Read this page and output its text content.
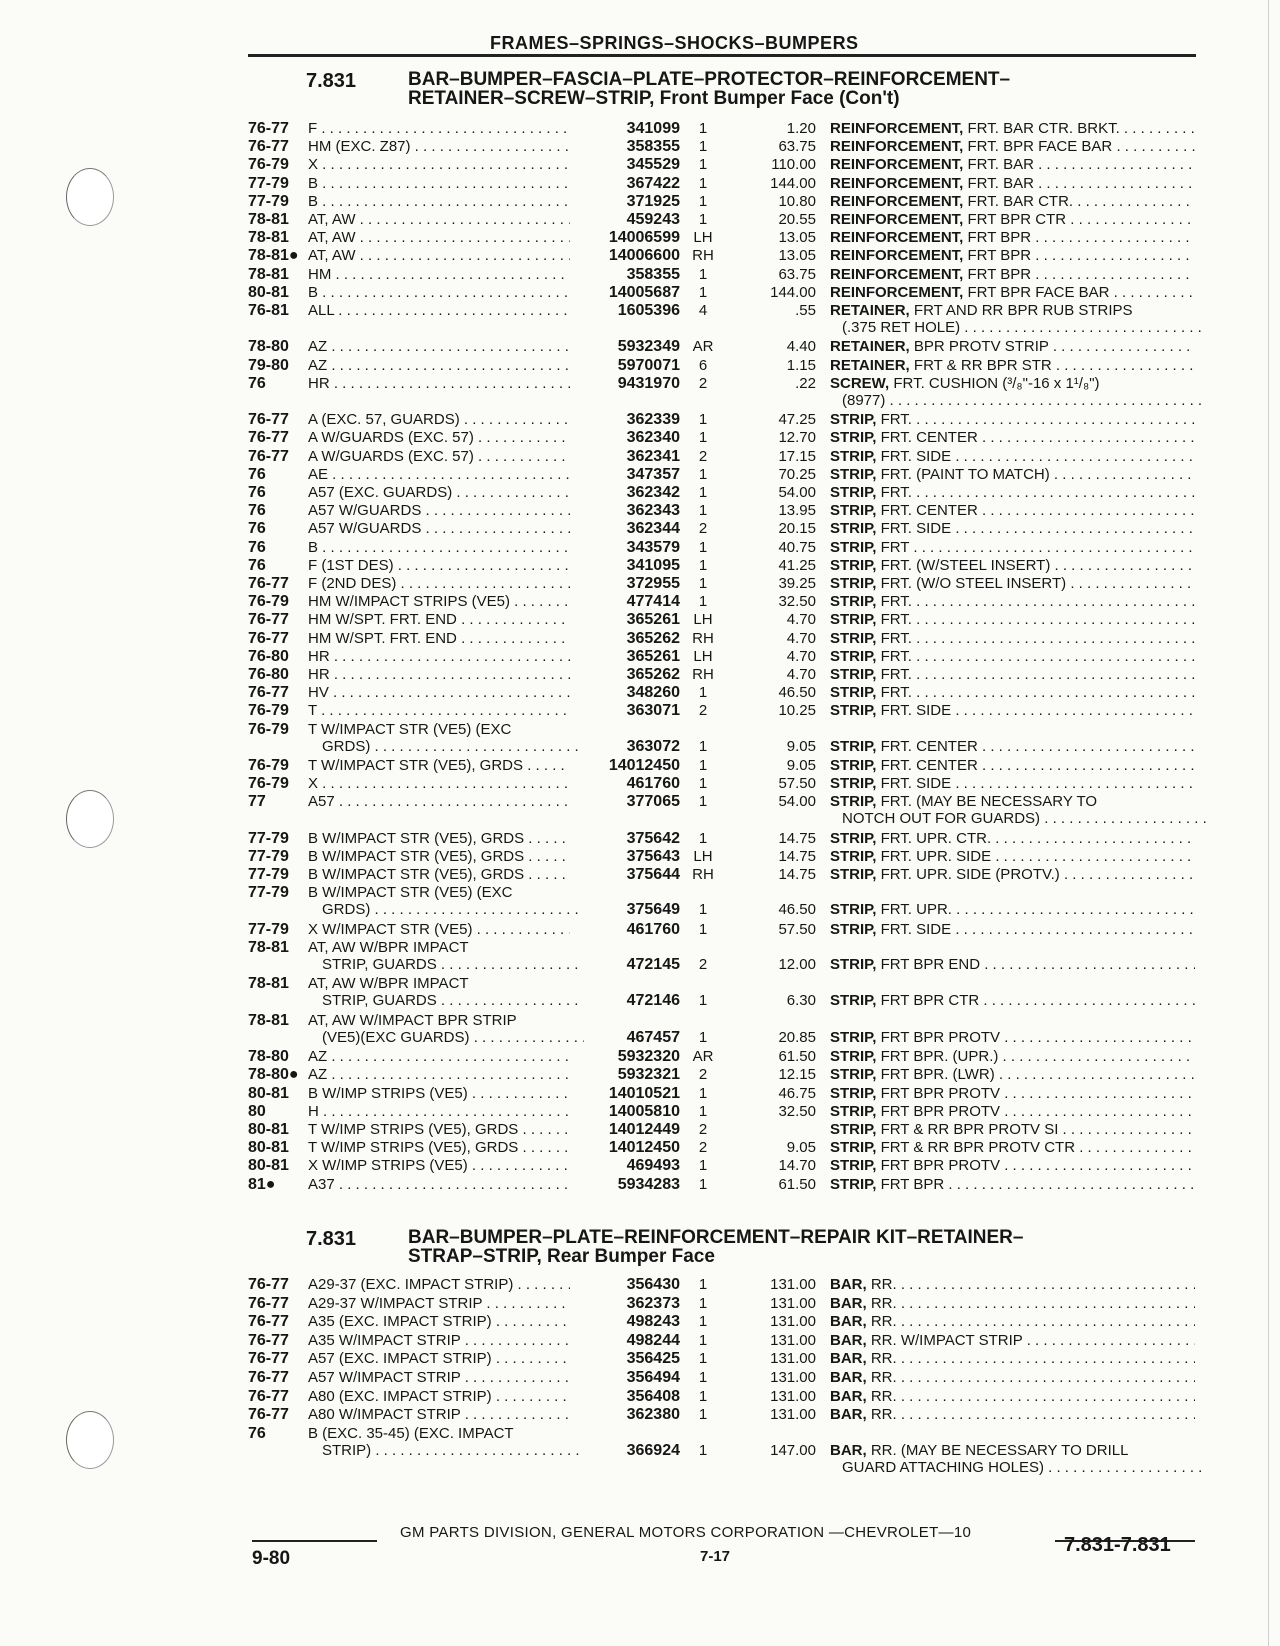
FRAMES–SPRINGS–SHOCKS–BUMPERS
7.831	BAR–BUMPER–FASCIA–PLATE–PROTECTOR–REINFORCEMENT–
RETAINER–SCREW–STRIP, Front Bumper Face (Con't)
76-77 F . . .	341099	1	1.20 REINFORCEMENT, FRT. BAR CTR. BRKT. . . .
76-77 HM (EXC. Z87) . . .	358355	1	63.75 REINFORCEMENT, FRT. BPR FACE BAR . . .
76-79 X . . .	345529	1	110.00 REINFORCEMENT, FRT. BAR . . .
77-79 B . . .	367422	1	144.00 REINFORCEMENT, FRT. BAR . . .
77-79 B . . .	371925	1	10.80 REINFORCEMENT, FRT. BAR CTR. . . .
78-81 AT, AW . . .	459243	1	20.55 REINFORCEMENT, FRT BPR CTR . . .
78-81 AT, AW . . .	14006599 LH	13.05 REINFORCEMENT, FRT BPR . . .
78-81● AT, AW . . .	14006600 RH	13.05 REINFORCEMENT, FRT BPR . . .
78-81 HM . . .	358355	1	63.75 REINFORCEMENT, FRT BPR . . .
80-81 B . . .	14005687	1	144.00 REINFORCEMENT, FRT BPR FACE BAR . . .
76-81 ALL . . .	1605396	4	.55 RETAINER, FRT AND RR BPR RUB STRIPS
(.375 RET HOLE) . . .
78-80 AZ . . .	5932349 AR	4.40 RETAINER, BPR PROTV STRIP . . .
79-80 AZ . . .	5970071	6	1.15 RETAINER, FRT & RR BPR STR . . .
76	HR . . .	9431970	2	.22 SCREW, FRT. CUSHION (³/₈"-16 x 1¹/₈")
(8977) . . .
76-77 A (EXC. 57, GUARDS) . . .	362339	1	47.25 STRIP, FRT. . . .
76-77 A W/GUARDS (EXC. 57) . . .	362340	1	12.70 STRIP, FRT. CENTER . . .
76-77 A W/GUARDS (EXC. 57) . . .	362341	2	17.15 STRIP, FRT. SIDE . . .
76	AE . . .	347357	1	70.25 STRIP, FRT. (PAINT TO MATCH) . . .
76	A57 (EXC. GUARDS) . . .	362342	1	54.00 STRIP, FRT. . . .
76	A57 W/GUARDS . . .	362343	1	13.95 STRIP, FRT. CENTER . . .
76	A57 W/GUARDS . . .	362344	2	20.15 STRIP, FRT. SIDE . . .
76	B . . .	343579	1	40.75 STRIP, FRT . . .
76	F (1ST DES) . . .	341095	1	41.25 STRIP, FRT. (W/STEEL INSERT) . . .
76-77 F (2ND DES) . . .	372955	1	39.25 STRIP, FRT. (W/O STEEL INSERT) . . .
76-79 HM W/IMPACT STRIPS (VE5) . . .	477414	1	32.50 STRIP, FRT. . . .
76-77 HM W/SPT. FRT. END . . .	365261 LH	4.70 STRIP, FRT. . . .
76-77 HM W/SPT. FRT. END . . .	365262 RH	4.70 STRIP, FRT. . . .
76-80 HR . . .	365261 LH	4.70 STRIP, FRT. . . .
76-80 HR . . .	365262 RH	4.70 STRIP, FRT. . . .
76-77 HV . . .	348260	1	46.50 STRIP, FRT. . . .
76-79 T . . .	363071	2	10.25 STRIP, FRT. SIDE . . .
76-79 T W/IMPACT STR (VE5) (EXC
GRDS) . . .	363072	1	9.05 STRIP, FRT. CENTER . . .
76-79 T W/IMPACT STR (VE5), GRDS . . .	14012450	1	9.05 STRIP, FRT. CENTER . . .
76-79 X . . .	461760	1	57.50 STRIP, FRT. SIDE . . .
77	A57 . . .	377065	1	54.00 STRIP, FRT. (MAY BE NECESSARY TO
NOTCH OUT FOR GUARDS) . . .
77-79 B W/IMPACT STR (VE5), GRDS . . .	375642	1	14.75 STRIP, FRT. UPR. CTR. . . .
77-79 B W/IMPACT STR (VE5), GRDS . . .	375643 LH	14.75 STRIP, FRT. UPR. SIDE . . .
77-79 B W/IMPACT STR (VE5), GRDS . . .	375644 RH	14.75 STRIP, FRT. UPR. SIDE (PROTV.) . . .
77-79 B W/IMPACT STR (VE5) (EXC
GRDS) . . .	375649	1	46.50 STRIP, FRT. UPR. . . .
77-79 X W/IMPACT STR (VE5) . . .	461760	1	57.50 STRIP, FRT. SIDE . . .
78-81 AT, AW W/BPR IMPACT
STRIP, GUARDS . . .	472145	2	12.00 STRIP, FRT BPR END . . .
78-81 AT, AW W/BPR IMPACT
STRIP, GUARDS . . .	472146	1	6.30 STRIP, FRT BPR CTR . . .
78-81 AT, AW W/IMPACT BPR STRIP
(VE5)(EXC GUARDS) . . .	467457	1	20.85 STRIP, FRT BPR PROTV . . .
78-80 AZ . . .	5932320 AR	61.50 STRIP, FRT BPR. (UPR.) . . .
78-80● AZ . . .	5932321	2	12.15 STRIP, FRT BPR. (LWR) . . .
80-81 B W/IMP STRIPS (VE5) . . .	14010521	1	46.75 STRIP, FRT BPR PROTV . . .
80	H . . .	14005810	1	32.50 STRIP, FRT BPR PROTV . . .
80-81 T W/IMP STRIPS (VE5), GRDS . . .	14012449	2	STRIP, FRT & RR BPR PROTV SI . . .
80-81 T W/IMP STRIPS (VE5), GRDS . . .	14012450	2	9.05 STRIP, FRT & RR BPR PROTV CTR . . .
80-81 X W/IMP STRIPS (VE5) . . .	469493	1	14.70 STRIP, FRT BPR PROTV . . .
81● A37 . . .	5934283	1	61.50 STRIP, FRT BPR . . .
7.831	BAR–BUMPER–PLATE–REINFORCEMENT–REPAIR KIT–RETAINER–
STRAP–STRIP, Rear Bumper Face
76-77 A29-37 (EXC. IMPACT STRIP) . . .	356430	1	131.00 BAR, RR. . . .
76-77 A29-37 W/IMPACT STRIP . . .	362373	1	131.00 BAR, RR. . . .
76-77 A35 (EXC. IMPACT STRIP) . . .	498243	1	131.00 BAR, RR. . . .
76-77 A35 W/IMPACT STRIP . . .	498244	1	131.00 BAR, RR. W/IMPACT STRIP . . .
76-77 A57 (EXC. IMPACT STRIP) . . .	356425	1	131.00 BAR, RR. . . .
76-77 A57 W/IMPACT STRIP . . .	356494	1	131.00 BAR, RR. . . .
76-77 A80 (EXC. IMPACT STRIP) . . .	356408	1	131.00 BAR, RR. . . .
76-77 A80 W/IMPACT STRIP . . .	362380	1	131.00 BAR, RR. . . .
76	B (EXC. 35-45) (EXC. IMPACT
STRIP) . . .	366924	1	147.00 BAR, RR. (MAY BE NECESSARY TO DRILL
GUARD ATTACHING HOLES) . . .
GM PARTS DIVISION, GENERAL MOTORS CORPORATION —CHEVROLET—10
9-80	7-17
7.831-7.831
